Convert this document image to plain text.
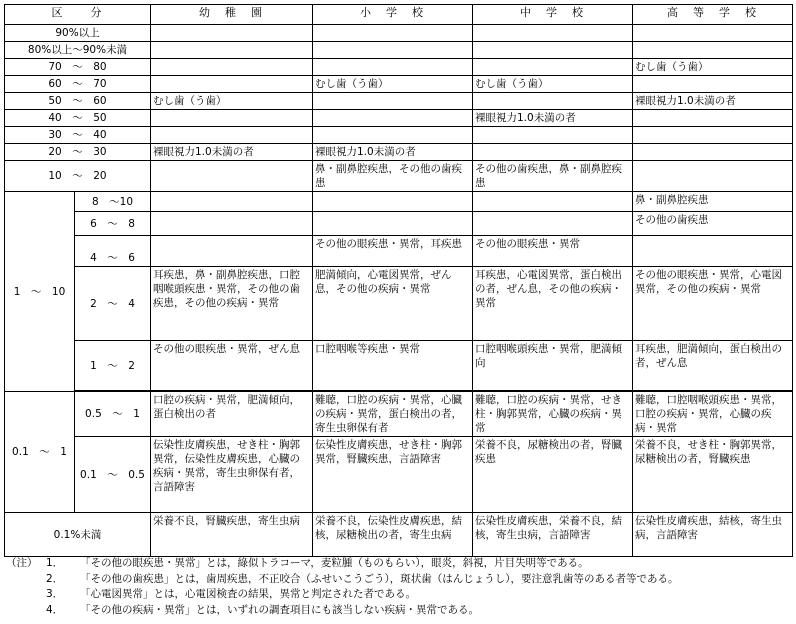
区　　分		幼　稚　園	小　学　校	中　学　校	高　等　学　校
90%以上					
80%以上～90%未満					
70　～　80					むし歯（う歯）
60　～　70			むし歯（う歯）	むし歯（う歯）	
50　～　60		むし歯（う歯）			裸眼視力1.0未満の者
40　～　50				裸眼視力1.0未満の者	
30　～　40					
20　～　30		裸眼視力1.0未満の者	裸眼視力1.0未満の者		
10　～　20			鼻・副鼻腔疾患，その他の歯疾患	その他の歯疾患，鼻・副鼻腔疾患	
1　～　10	8　～10				鼻・副鼻腔疾患
	6　～　8				その他の歯疾患
	4　～　6		その他の眼疾患・異常，耳疾患	その他の眼疾患・異常	
	2　～　4	耳疾患，鼻・副鼻腔疾患，口腔咽喉頭疾患・異常，その他の歯疾患，その他の疾病・異常	肥満傾向，心電図異常，ぜん息，その他の疾病・異常	耳疾患，心電図異常，蛋白検出の者，ぜん息，その他の疾病・異常	その他の眼疾患・異常，心電図異常，その他の疾病・異常
	1　～　2	その他の眼疾患・異常，ぜん息	口腔咽喉等疾患・異常	口腔咽喉頭疾患・異常，肥満傾向	耳疾患，肥満傾向，蛋白検出の者，ぜん息

0.1　～　1	0.5　～　1	口腔の疾病・異常，肥満傾向，蛋白検出の者	難聴，口腔の疾病・異常，心臓の疾病・異常，蛋白検出の者，寄生虫卵保有者	難聴，口腔の疾病・異常，せき柱・胸郭異常，心臓の疾病・異常	難聴，口腔咽喉頭疾患・異常，口腔の疾病・異常，心臓の疾病・異常
	0.1　～　0.5	伝染性皮膚疾患，せき柱・胸郭異常，伝染性皮膚疾患，心臓の疾病・異常，寄生虫卵保有者，言語障害	伝染性皮膚疾患，せき柱・胸郭異常，腎臓疾患，言語障害	栄養不良，尿糖検出の者，腎臓疾患	栄養不良，せき柱・胸郭異常，尿糖検出の者，腎臓疾患
0.1%未満		栄養不良，腎臓疾患，寄生虫病	栄養不良，伝染性皮膚疾患，結核，尿糖検出の者，寄生虫病	伝染性皮膚疾患，栄養不良，結核，寄生虫病，言語障害	伝染性皮膚疾患，結核，寄生虫病，言語障害
（注） 1．	「その他の眼疾患・異常」とは，綠似トラコーマ，麦粒腫（ものもらい），眼炎，斜視，片目失明等である。
2．	「その他の歯疾患」とは，歯周疾患，不正咬合（ふせいこうごう），斑状歯（はんじょうし），要注意乳歯等のある者等である。
3．	「心電図異常」とは，心電図検査の結果，異常と判定された者である。
4．	「その他の疾病・異常」とは，いずれの調査項目にも該当しない疾病・異常である。
